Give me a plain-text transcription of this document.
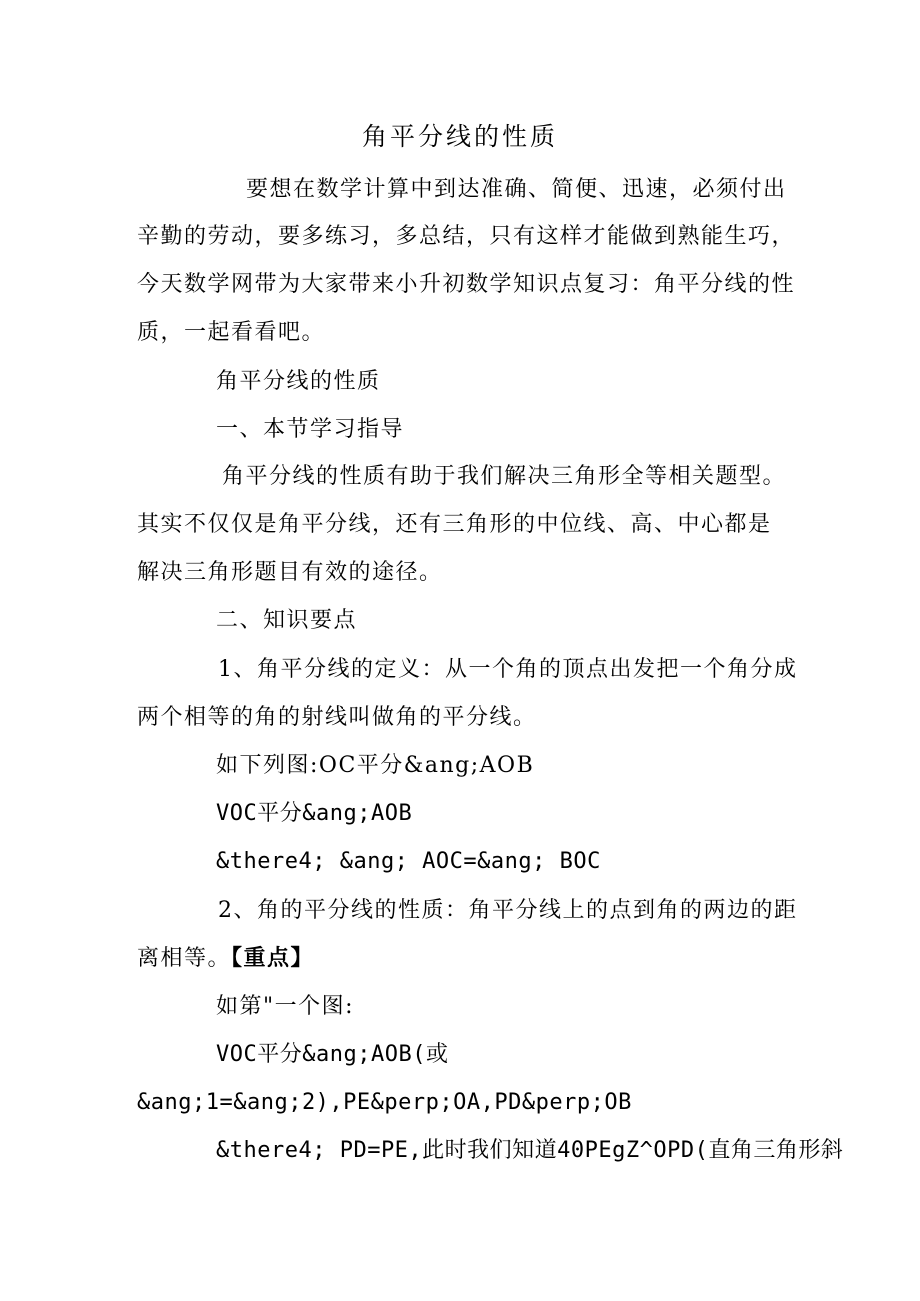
角平分线的性质
要想在数学计算中到达准确、简便、迅速，必须付出
辛勤的劳动，要多练习，多总结，只有这样才能做到熟能生巧，
今天数学网带为大家带来小升初数学知识点复习：角平分线的性
质，一起看看吧。
角平分线的性质
一、本节学习指导
角平分线的性质有助于我们解决三角形全等相关题型。
其实不仅仅是角平分线，还有三角形的中位线、高、中心都是
解决三角形题目有效的途径。
二、知识要点
1、角平分线的定义：从一个角的顶点出发把一个角分成
两个相等的角的射线叫做角的平分线。
如下列图:OC平分&ang;AOB
VOC平分&ang;AOB
&there4; &ang; AOC=&ang; BOC
2、角的平分线的性质：角平分线上的点到角的两边的距
离相等。【重点】
如第"一个图:
VOC平分&ang;AOB(或
&ang;1=&ang;2),PE&perp;OA,PD&perp;OB
&there4; PD=PE,此时我们知道40PEgZ^OPD(直角三角形斜
